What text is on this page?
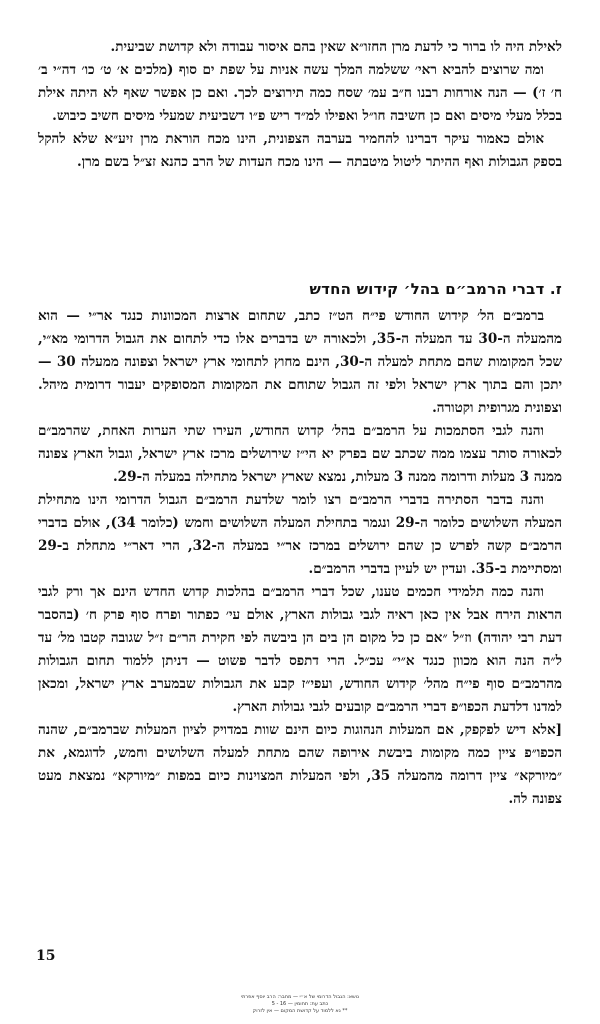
לאילת היה לו ברור כי לדעת מרן החזו״א שאין בהם איסור עבודה ולא קדושת שביעית.

ומה שרוצים להביא ראי׳ ששלמה המלך עשה אניות על שפת ים סוף (מלכים א׳ ט׳ כו׳ דה״י ב׳ ח׳ ז׳) — הנה אורחות רבנו ח״ב עמ׳ שסח כמה תירוצים לכך. ואם כן אפשר שאף לא היתה אילת בכלל מעלי מיסים ואם כן חשיבה חו״ל ואפילו למ״ד ריש פ״ו דשביעית שמעלי מיסים חשיב כיבוש.

אולם כאמור עיקר דברינו להחמיר בערבה הצפונית, הינו מכח הוראת מרן זיע״א שלא להקל בספק הגבולות ואף ההיתר ליטול מיטבתה — הינו מכח העדות של הרב כהנא זצ״ל בשם מרן.

ז. דברי הרמב״ם בהל׳ קידוש החדש

ברמב״ם הל׳ קידוש החודש פי״ח הט״ז כתב, שתחום ארצות המכוונות כנגד אר״י — הוא מהמעלה ה-30 עד המעלה ה-35, ולכאורה יש בדברים אלו כדי לתחום את הגבול הדרומי מא״י, שכל המקומות שהם מתחת למעלה ה-30, הינם מחוץ לתחומי ארץ ישראל וצפונה ממעלה 30 — יתכן והם בתוך ארץ ישראל ולפי זה הגבול שתוחם את המקומות המסופקים יעבור דרומית מיהל. וצפונית מגרופית וקטורה.

והנה לגבי הסתמכות על הרמב״ם בהל׳ קדוש החודש, העירו שתי הערות האחת, שהרמב״ם לכאורה סותר עצמו ממה שכתב שם בפרק יא הי״ז שירושלים מרכז ארץ ישראל, וגבול הארץ צפונה ממנה 3 מעלות ודרומה ממנה 3 מעלות, נמצא שארץ ישראל מתחילה במעלה ה-29.

והנה בדבר הסתירה בדברי הרמב״ם רצו לומר שלדעת הרמב״ם הגבול הדרומי הינו מתחילת המעלה השלושים כלומר ה-29 ונגמר בתחילת המעלה השלושים וחמש (כלומר 34), אולם בדברי הרמב״ם קשה לפרש כן שהם ירושלים במרכז אר״י במעלה ה-32, הרי דאר״י מתחלת ב-29 ומסתיימת ב-35. ועדין יש לעיין בדברי הרמב״ם.

והנה כמה תלמידי חכמים טענו, שכל דברי הרמב״ם בהלכות קדוש החדש הינם אך ורק לגבי הראות הירח אבל אין כאן ראיה לגבי גבולות הארץ, אולם עי׳ כפתור ופרח סוף פרק ח׳ (בהסבר דעת רבי יהודה) וז״ל ״אם כן כל מקום הן בים הן ביבשה לפי חקירת הר״ם ז״ל שגובה קטבו מל׳ עד ל״ה הנה הוא מכוון כנגד א״י״ עכ״ל. הרי דתפס לדבר פשוט — דניתן ללמוד תחום הגבולות מהרמב״ם סוף פי״ח מהל׳ קידוש החודש, ועפי״ז קבע את הגבולות שבמערב ארץ ישראל, ומכאן למדנו דלדעת הכפו״פ דברי הרמב״ם קובעים לגבי גבולות הארץ.

[אלא דיש לפקפק, אם המעלות הנהוגות כיום הינם שוות במדויק לציון המעלות שברמב״ם, שהנה הכפו״פ ציין כמה מקומות ביבשת אירופה שהם מתחת למעלה השלושים וחמש, לדוגמא, את ״מיורקא״ ציין דרומה מהמעלה 35, ולפי המעלות המצוינות כיום במפות ״מיורקא״ נמצאת מעט צפונה לה.

15
נושא: הגבול הדרומי של א״י — מחבר: הרב יוסף אפרתי
כתב עת: תחומין — 16 - 5
** נא ללמוד על קדושת המקום — אין לזרוק
